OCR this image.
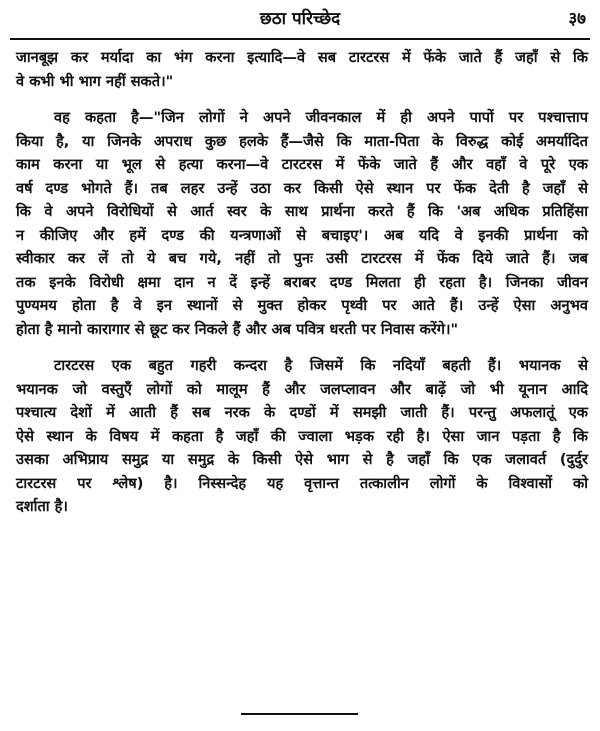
छठा परिच्छेद	३७
जानबूझ कर मर्यादा का भंग करना इत्यादि—वे सब टारटरस में फेंके जाते हैं जहाँ से कि
वे कभी भी भाग नहीं सकते।"
वह कहता है—"जिन लोगों ने अपने जीवनकाल में ही अपने पापों पर पश्चात्ताप
किया है, या जिनके अपराध कुछ हलके हैं—जैसे कि माता-पिता के विरुद्ध कोई अमर्यादित
काम करना या भूल से हत्या करना—वे टारटरस में फेंके जाते हैं और वहाँ वे पूरे एक
वर्ष दण्ड भोगते हैं। तब लहर उन्हें उठा कर किसी ऐसे स्थान पर फेंक देती है जहाँ से
कि वे अपने विरोधियों से आर्त स्वर के साथ प्रार्थना करते हैं कि 'अब अधिक प्रतिहिंसा
न कीजिए और हमें दण्ड की यन्त्रणाओं से बचाइए'। अब यदि वे इनकी प्रार्थना को
स्वीकार कर लें तो ये बच गये, नहीं तो पुनः उसी टारटरस में फेंक दिये जाते हैं। जब
तक इनके विरोधी क्षमा दान न दें इन्हें बराबर दण्ड मिलता ही रहता है। जिनका जीवन
पुण्यमय होता है वे इन स्थानों से मुक्त होकर पृथ्वी पर आते हैं। उन्हें ऐसा अनुभव
होता है मानो कारागार से छूट कर निकले हैं और अब पवित्र धरती पर निवास करेंगे।"
टारटरस एक बहुत गहरी कन्दरा है जिसमें कि नदियाँ बहती हैं। भयानक से
भयानक जो वस्तुएँ लोगों को मालूम हैं और जलप्लावन और बाढ़ें जो भी यूनान आदि
पश्चात्य देशों में आती हैं सब नरक के दण्डों में समझी जाती हैं। परन्तु अफलातूं एक
ऐसे स्थान के विषय में कहता है जहाँ की ज्वाला भड़क रही है। ऐसा जान पड़ता है कि
उसका अभिप्राय समुद्र या समुद्र के किसी ऐसे भाग से है जहाँ कि एक जलावर्त (दुर्दुर
टारटरस पर श्लेष) है। निस्सन्देह यह वृत्तान्त तत्कालीन लोगों के विश्वासों को
दर्शाता है।
